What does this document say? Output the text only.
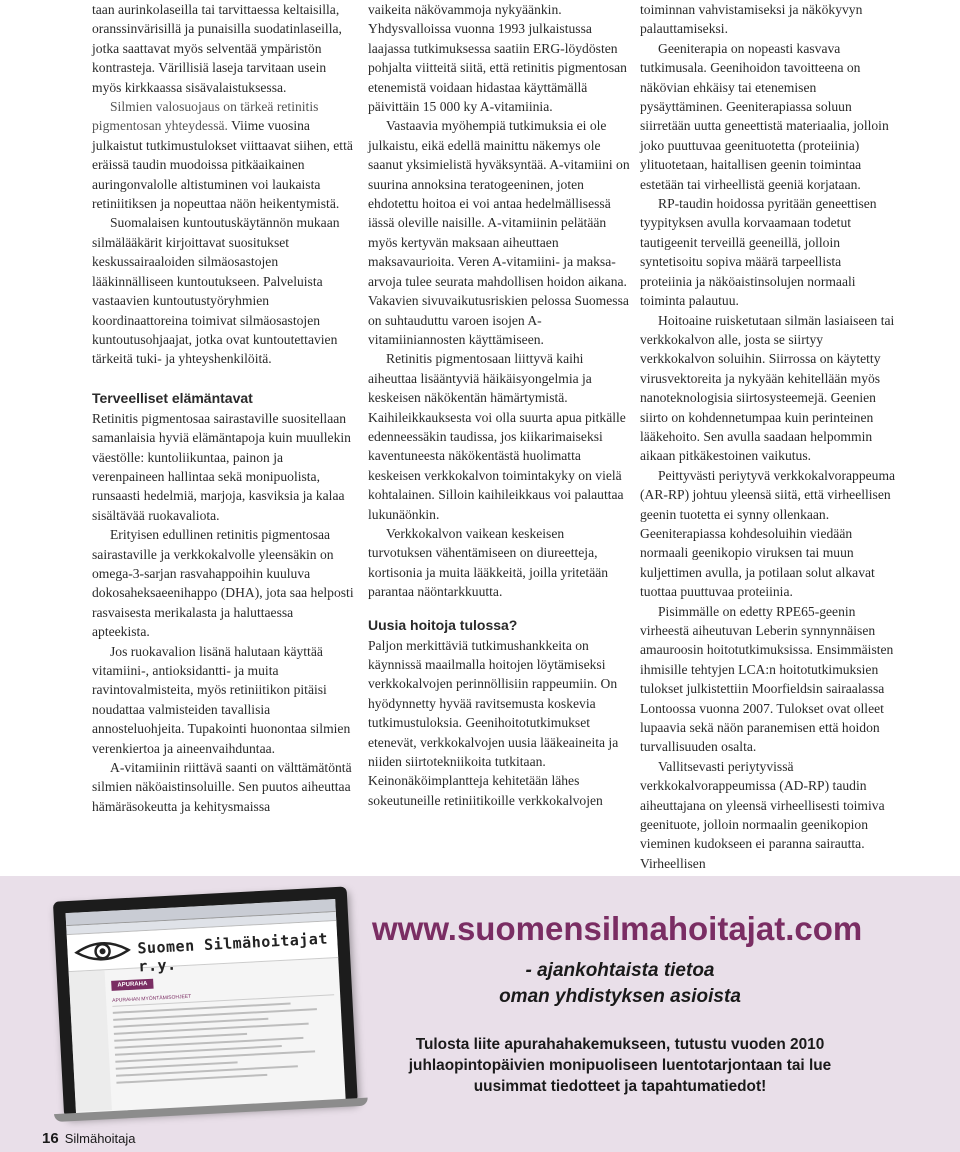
taan aurinkolaseilla tai tarvittaessa keltaisilla, oranssinvärisillä ja punaisilla suodatinlaseilla, jotka saattavat myös selventää ympäristön kontrasteja. Värillisiä laseja tarvitaan usein myös kirkkaassa sisävalaistuksessa.

Silmien valosuojaus on tärkeä retinitis pigmentosan yhteydessä. Viime vuosina julkaistut tutkimustulokset viittaavat siihen, että eräissä taudin muodoissa pitkäaikainen auringonvalolle altistuminen voi laukaista retiniitiksen ja nopeuttaa näön heikentymistä.

Suomalaisen kuntoutuskäytännön mukaan silmälääkärit kirjoittavat suositukset keskussairaaloiden silmäosastojen lääkinnälliseen kuntoutukseen. Palveluista vastaavien kuntoutustyöryhmien koordinaattoreina toimivat silmäosastojen kuntoutusohjaajat, jotka ovat kuntoutettavien tärkeitä tuki- ja yhteyshenkilöitä.

Terveelliset elämäntavat

Retinitis pigmentosaa sairastaville suositellaan samanlaisia hyviä elämäntapoja kuin muullekin väestölle: kuntoliikuntaa, painon ja verenpaineen hallintaa sekä monipuolista, runsaasti hedelmiä, marjoja, kasviksia ja kalaa sisältävää ruokavaliota.

Erityisen edullinen retinitis pigmentosaa sairastaville ja verkkokalvolle yleensäkin on omega-3-sarjan rasvahappoihin kuuluva dokosaheksaeenihappo (DHA), jota saa helposti rasvaisesta merikalasta ja haluttaessa apteekista.

Jos ruokavalion lisänä halutaan käyttää vitamiini-, antioksidantti- ja muita ravintovalmisteita, myös retiniitikon pitäisi noudattaa valmisteiden tavallisia annosteluohjeita. Tupakointi huonontaa silmien verenkiertoa ja aineenvaihduntaa.

A-vitamiinin riittävä saanti on välttämätöntä silmien näköaistinsoluille. Sen puutos aiheuttaa hämäräsokeutta ja kehitysmaissa

vaikeita näkövammoja nykyäänkin. Yhdysvalloissa vuonna 1993 julkaistussa laajassa tutkimuksessa saatiin ERG-löydösten pohjalta viitteitä siitä, että retinitis pigmentosan etenemistä voidaan hidastaa käyttämällä päivittäin 15 000 ky A-vitamiinia.

Vastaavia myöhempiä tutkimuksia ei ole julkaistu, eikä edellä mainittu näkemys ole saanut yksimielistä hyväksyntää. A-vitamiini on suurina annoksina teratogeeninen, joten ehdotettu hoitoa ei voi antaa hedelmällisessä iässä oleville naisille. A-vitamiinin pelätään myös kertyvän maksaan aiheuttaen maksavaurioita. Veren A-vitamiini- ja maksa-arvoja tulee seurata mahdollisen hoidon aikana. Vakavien sivuvaikutusriskien pelossa Suomessa on suhtauduttu varoen isojen A-vitamiiniannosten käyttämiseen.

Retinitis pigmentosaan liittyvä kaihi aiheuttaa lisääntyviä häikäisyongelmia ja keskeisen näkökentän hämärtymistä. Kaihileikkauksesta voi olla suurta apua pitkälle edenneessäkin taudissa, jos kiikarimaiseksi kaventuneesta näkökentästä huolimatta keskeisen verkkokalvon toimintakyky on vielä kohtalainen. Silloin kaihileikkaus voi palauttaa lukunäönkin.

Verkkokalvon vaikean keskeisen turvotuksen vähentämiseen on diureetteja, kortisonia ja muita lääkkeitä, joilla yritetään parantaa näöntarkkuutta.

Uusia hoitoja tulossa?

Paljon merkittäviä tutkimushankkeita on käynnissä maailmalla hoitojen löytämiseksi verkkokalvojen perinnöllisiin rappeumiin. On hyödynnetty hyvää ravitsemusta koskevia tutkimustuloksia. Geenihoitotutkimukset etenevät, verkkokalvojen uusia lääkeaineita ja niiden siirtotekniikoita tutkitaan. Keinonäköimplantteja kehitetään lähes sokeutuneille retiniitikoille verkkokalvojen

toiminnan vahvistamiseksi ja näkökyvyn palauttamiseksi.

Geeniterapia on nopeasti kasvava tutkimusala. Geenihoidon tavoitteena on näkövian ehkäisy tai etenemisen pysäyttäminen. Geeniterapiassa soluun siirretään uutta geneettistä materiaalia, jolloin joko puuttuvaa geenituotetta (proteiinia) ylituotetaan, haitallisen geenin toimintaa estetään tai virheellistä geeniä korjataan.

RP-taudin hoidossa pyritään geneettisen tyypityksen avulla korvaamaan todetut tautigeenit terveillä geeneillä, jolloin syntetisoitu sopiva määrä tarpeellista proteiinia ja näköaistinsolujen normaali toiminta palautuu.

Hoitoaine ruisketutaan silmän lasiaiseen tai verkkokalvon alle, josta se siirtyy verkkokalvon soluihin. Siirrossa on käytetty virusvektoreita ja nykyään kehitellään myös nanoteknologisia siirtosysteemejä. Geenien siirto on kohdennetumpaa kuin perinteinen lääkehoito. Sen avulla saadaan helpommin aikaan pitkäkestoinen vaikutus.

Peittyvästi periytyvä verkkokalvorappeuma (AR-RP) johtuu yleensä siitä, että virheellisen geenin tuotetta ei synny ollenkaan. Geeniterapiassa kohdesoluihin viedään normaali geenikopio viruksen tai muun kuljettimen avulla, ja potilaan solut alkavat tuottaa puuttuvaa proteiinia.

Pisimmälle on edetty RPE65-geenin virheestä aiheutuvan Leberin synnynnäisen amauroosin hoitotutkimuksissa. Ensimmäisten ihmisille tehtyjen LCA:n hoitotutkimuksien tulokset julkistettiin Moorfieldsin sairaalassa Lontoossa vuonna 2007. Tulokset ovat olleet lupaavia sekä näön paranemisen että hoidon turvallisuuden osalta.

Vallitsevasti periytyvissä verkkokalvorappeumissa (AD-RP) taudin aiheuttajana on yleensä virheellisesti toimiva geenituote, jolloin normaalin geenikopion vieminen kudokseen ei paranna sairautta. Virheellisen

Suomen Silmähoitajat r.y.
APURAHA
APURAHAN MYÖNTÄMISOHJEET
www.suomensilmahoitajat.com
- ajankohtaista tietoa
oman yhdistyksen asioista
Tulosta liite apurahahakemukseen, tutustu vuoden 2010
juhlaopintopäivien monipuoliseen luentotarjontaan tai lue
uusimmat tiedotteet ja tapahtumatiedot!
16 Silmähoitaja
